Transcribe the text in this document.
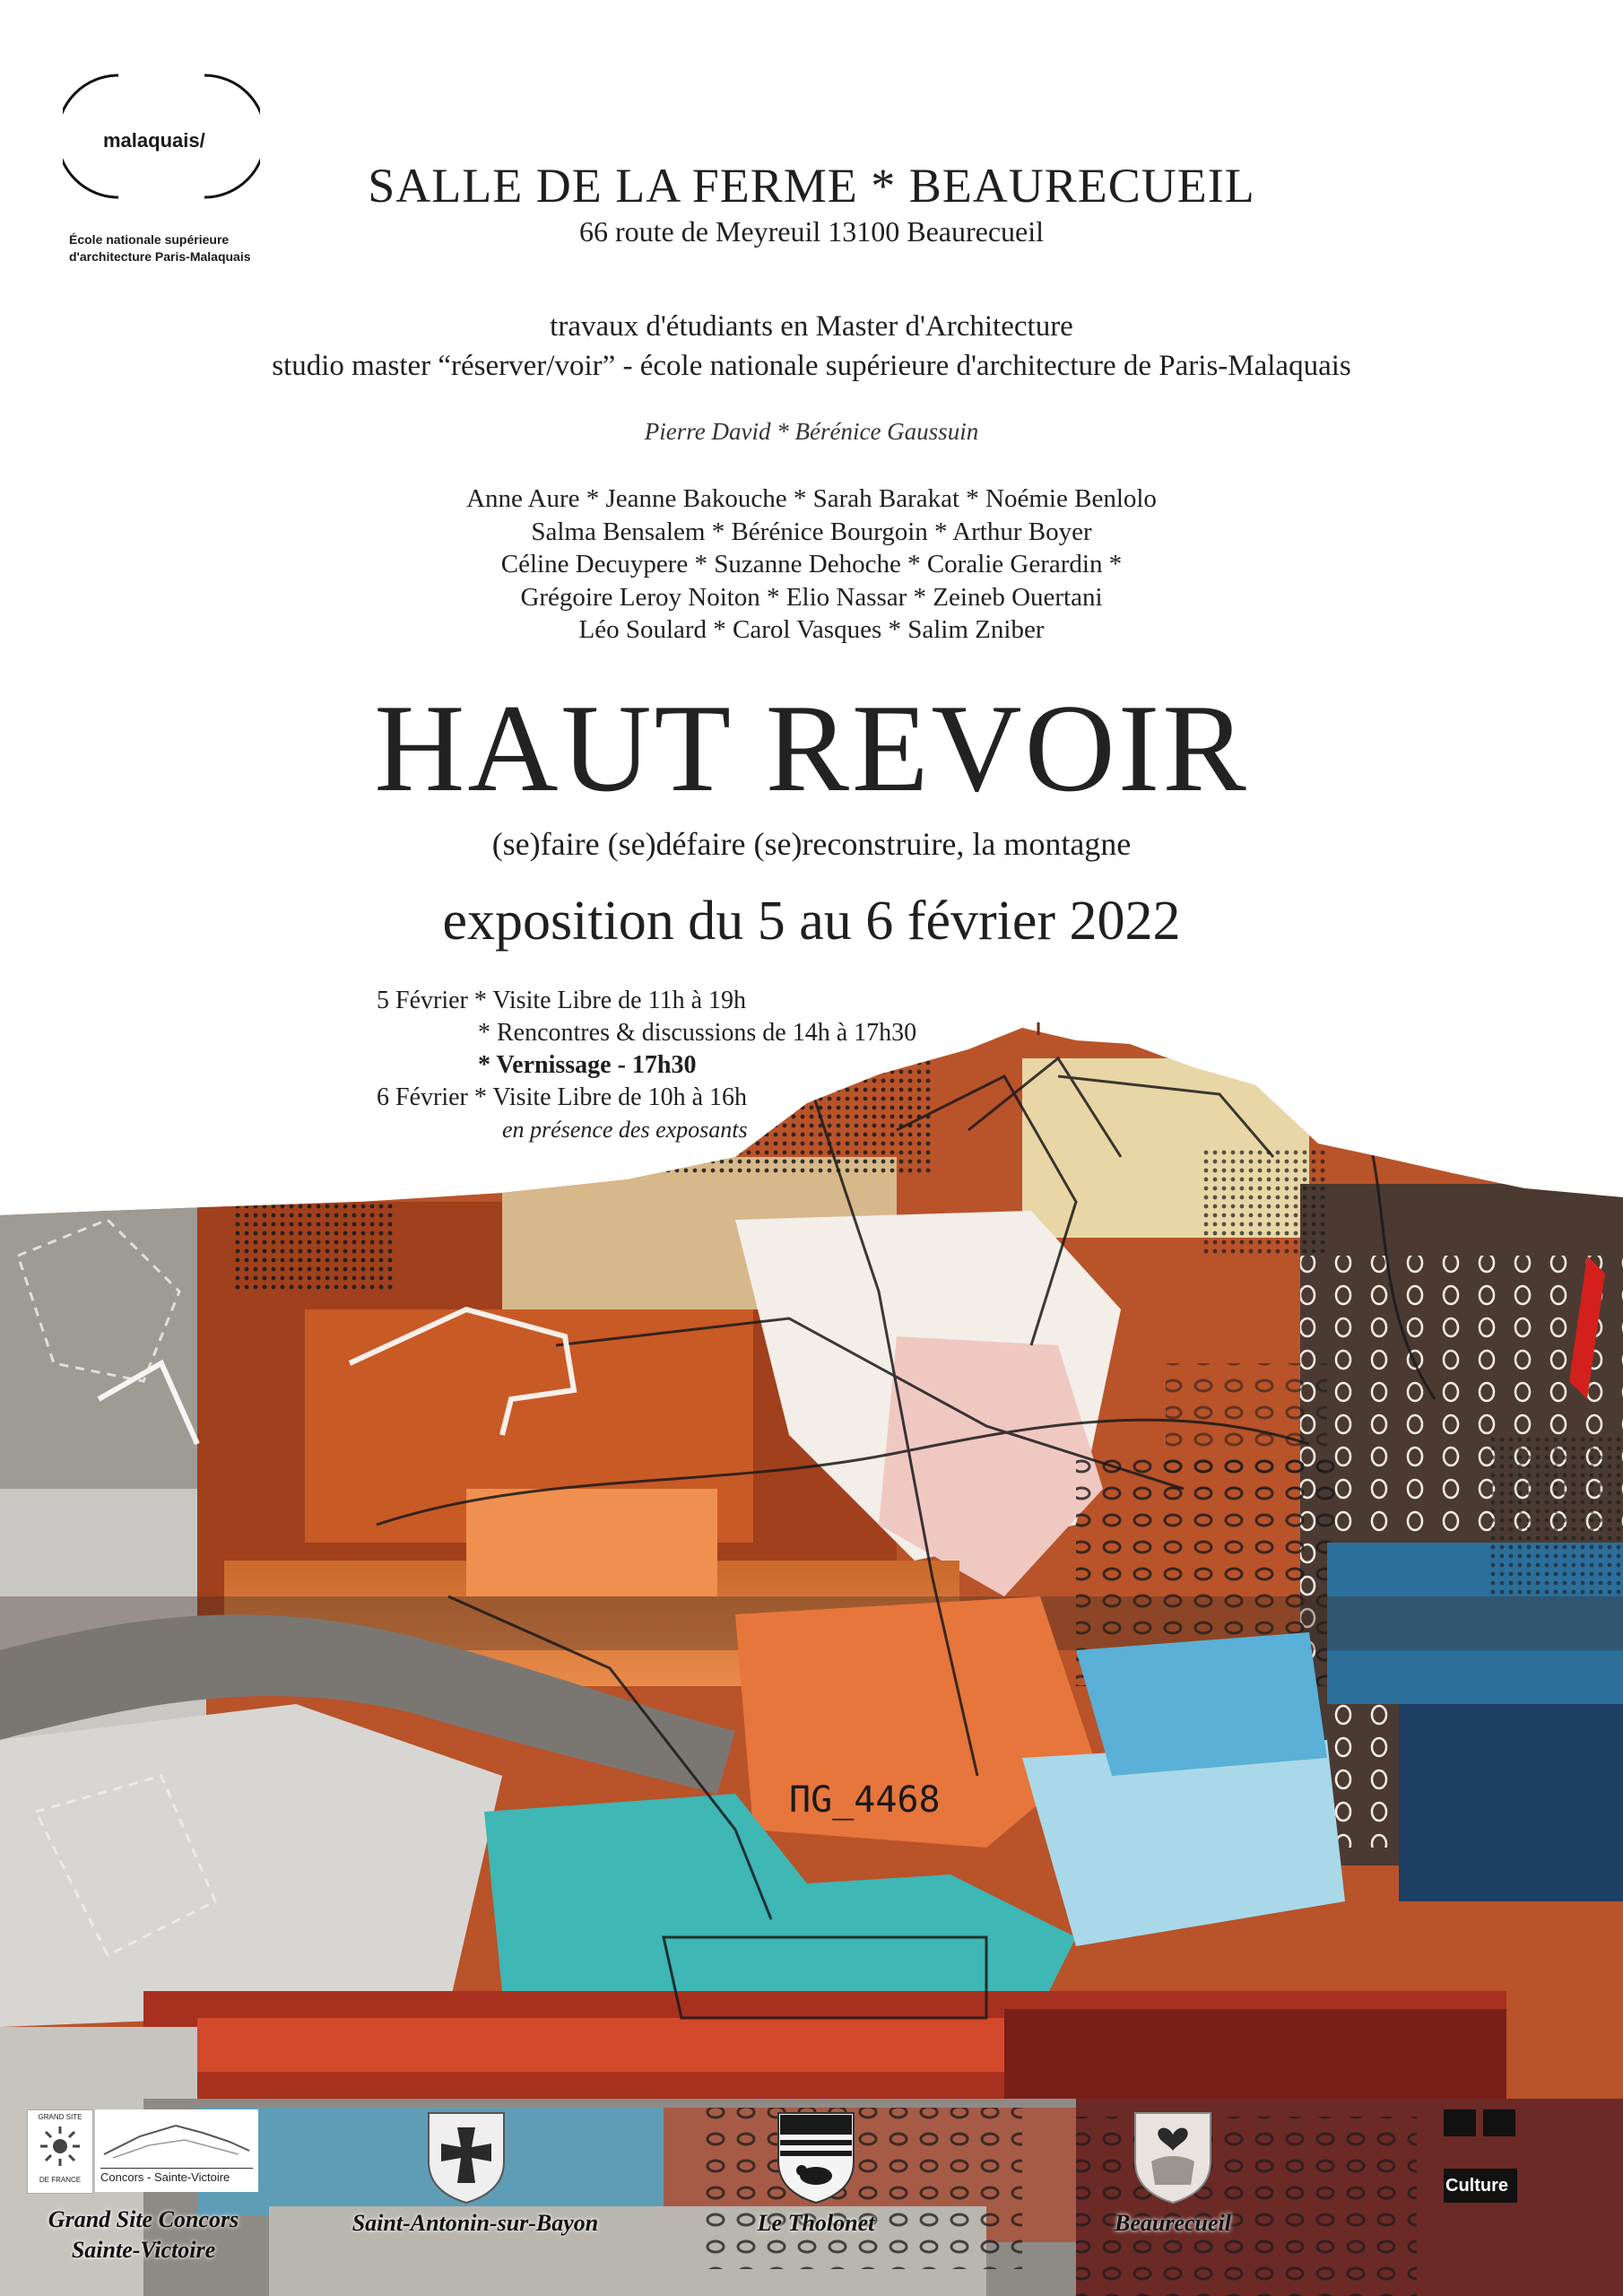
malaquais/
École nationale supérieure
d'architecture Paris-Malaquais
SALLE DE LA FERME * BEAURECUEIL
66 route de Meyreuil 13100 Beaurecueil
travaux d'étudiants en Master d'Architecture
studio master “réserver/voir” - école nationale supérieure d'architecture de Paris-Malaquais
Pierre David * Bérénice Gaussuin
Anne Aure * Jeanne Bakouche * Sarah Barakat * Noémie Benlolo
Salma Bensalem * Bérénice Bourgoin * Arthur Boyer
Céline Decuypere * Suzanne Dehoche * Coralie Gerardin *
Grégoire Leroy Noiton * Elio Nassar * Zeineb Ouertani
Léo Soulard * Carol Vasques * Salim Zniber
HAUT REVOIR
(se)faire (se)défaire (se)reconstruire, la montagne
exposition du 5 au 6 février 2022
ΠG_4468
5 Février * Visite Libre de 11h à 19h
* Rencontres & discussions de 14h à 17h30
* Vernissage - 17h30
6 Février * Visite Libre de 10h à 16h
en présence des exposants
GRAND SITE
DE FRANCE	Concors - Sainte-Victoire
Grand Site Concors
Sainte-Victoire
Saint-Antonin-sur-Bayon	Le Tholonet	Beaurecueil
Culture
